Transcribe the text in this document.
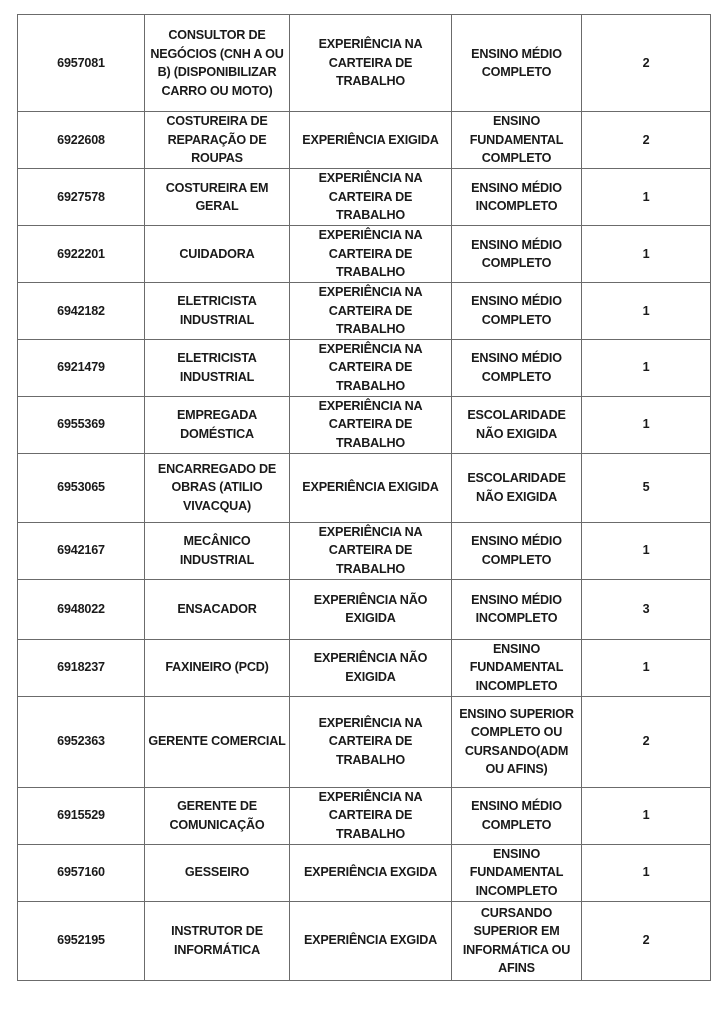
6957081	CONSULTOR DE NEGÓCIOS (CNH A OU B) (DISPONIBILIZAR CARRO OU MOTO)	EXPERIÊNCIA NA CARTEIRA DE TRABALHO	ENSINO MÉDIO COMPLETO	2
6922608	COSTUREIRA DE REPARAÇÃO DE ROUPAS	EXPERIÊNCIA EXIGIDA	ENSINO FUNDAMENTAL COMPLETO	2
6927578	COSTUREIRA EM GERAL	EXPERIÊNCIA NA CARTEIRA DE TRABALHO	ENSINO MÉDIO INCOMPLETO	1
6922201	CUIDADORA	EXPERIÊNCIA NA CARTEIRA DE TRABALHO	ENSINO MÉDIO COMPLETO	1
6942182	ELETRICISTA INDUSTRIAL	EXPERIÊNCIA NA CARTEIRA DE TRABALHO	ENSINO MÉDIO COMPLETO	1
6921479	ELETRICISTA INDUSTRIAL	EXPERIÊNCIA NA CARTEIRA DE TRABALHO	ENSINO MÉDIO COMPLETO	1
6955369	EMPREGADA DOMÉSTICA	EXPERIÊNCIA NA CARTEIRA DE TRABALHO	ESCOLARIDADE NÃO EXIGIDA	1
6953065	ENCARREGADO DE OBRAS (ATILIO VIVACQUA)	EXPERIÊNCIA EXIGIDA	ESCOLARIDADE NÃO EXIGIDA	5
6942167	MECÂNICO INDUSTRIAL	EXPERIÊNCIA NA CARTEIRA DE TRABALHO	ENSINO MÉDIO COMPLETO	1
6948022	ENSACADOR	EXPERIÊNCIA NÃO EXIGIDA	ENSINO MÉDIO INCOMPLETO	3
6918237	FAXINEIRO (PCD)	EXPERIÊNCIA NÃO EXIGIDA	ENSINO FUNDAMENTAL INCOMPLETO	1
6952363	GERENTE COMERCIAL	EXPERIÊNCIA NA CARTEIRA DE TRABALHO	ENSINO SUPERIOR COMPLETO OU CURSANDO(ADM OU AFINS)	2
6915529	GERENTE DE COMUNICAÇÃO	EXPERIÊNCIA NA CARTEIRA DE TRABALHO	ENSINO MÉDIO COMPLETO	1
6957160	GESSEIRO	EXPERIÊNCIA EXGIDA	ENSINO FUNDAMENTAL INCOMPLETO	1
6952195	INSTRUTOR DE INFORMÁTICA	EXPERIÊNCIA EXGIDA	CURSANDO SUPERIOR EM INFORMÁTICA OU AFINS	2
